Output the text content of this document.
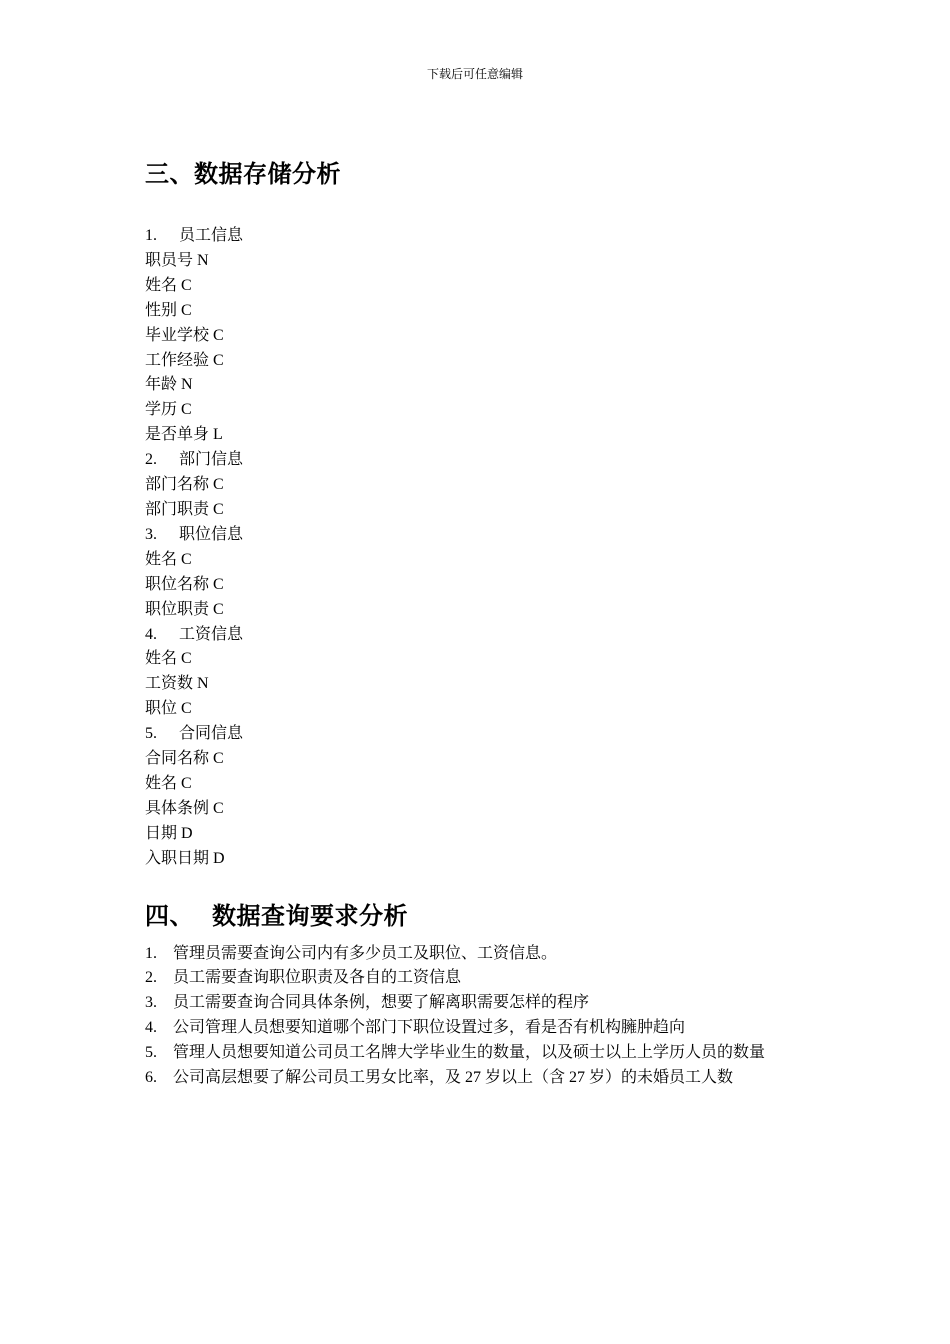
下载后可任意编辑
三、数据存储分析
1. 员工信息
职员号 N
姓名 C
性别 C
毕业学校 C
工作经验 C
年龄 N
学历 C
是否单身 L
2. 部门信息
部门名称 C
部门职责 C
3. 职位信息
姓名 C
职位名称 C
职位职责 C
4. 工资信息
姓名 C
工资数 N
职位 C
5. 合同信息
合同名称 C
姓名 C
具体条例 C
日期 D
入职日期 D
四、 数据查询要求分析
1. 管理员需要查询公司内有多少员工及职位、工资信息。
2. 员工需要查询职位职责及各自的工资信息
3. 员工需要查询合同具体条例，想要了解离职需要怎样的程序
4. 公司管理人员想要知道哪个部门下职位设置过多，看是否有机构臃肿趋向
5. 管理人员想要知道公司员工名牌大学毕业生的数量，以及硕士以上上学历人员的数量
6. 公司高层想要了解公司员工男女比率，及 27 岁以上（含 27 岁）的未婚员工人数
